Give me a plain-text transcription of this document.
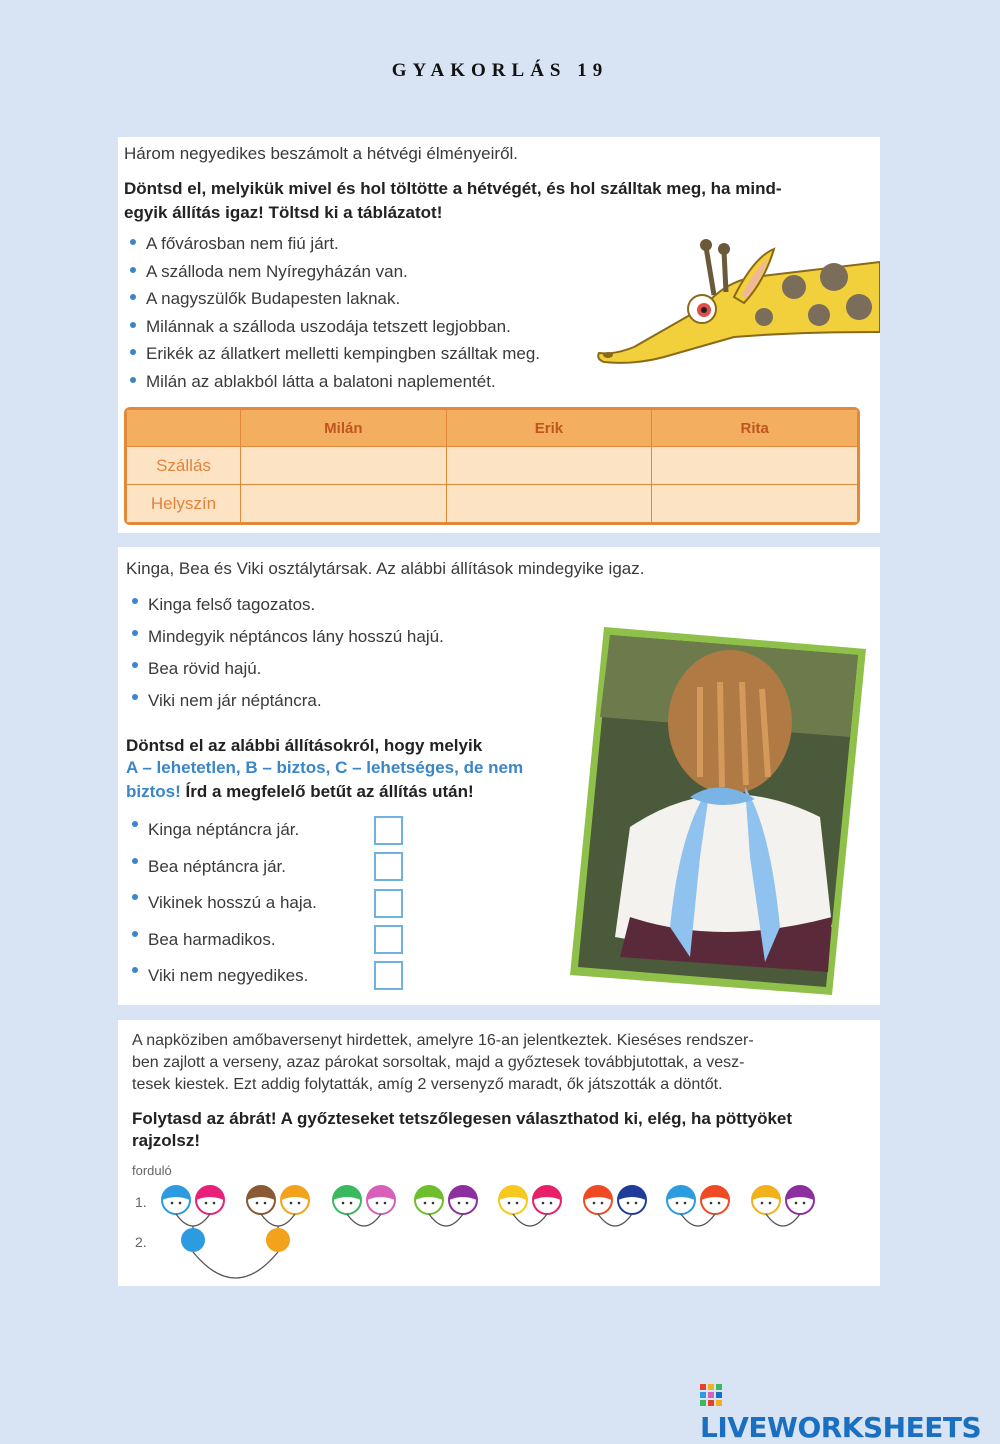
GYAKORLÁS 19
Három negyedikes beszámolt a hétvégi élményeiről.
Döntsd el, melyikük mivel és hol töltötte a hétvégét, és hol szálltak meg, ha mind-
egyik állítás igaz! Töltsd ki a táblázatot!
A fővárosban nem fiú járt.
A szálloda nem Nyíregyházán van.
A nagyszülők Budapesten laknak.
Milánnak a szálloda uszodája tetszett legjobban.
Erikék az állatkert melletti kempingben szálltak meg.
Milán az ablakból látta a balatoni naplementét.
	Milán	Erik	Rita
Szállás			
Helyszín			
Kinga, Bea és Viki osztálytársak. Az alábbi állítások mindegyike igaz.
Kinga felső tagozatos.
Mindegyik néptáncos lány hosszú hajú.
Bea rövid hajú.
Viki nem jár néptáncra.
Döntsd el az alábbi állításokról, hogy melyik
A – lehetetlen, B – biztos, C – lehetséges, de nem
biztos! Írd a megfelelő betűt az állítás után!
Kinga néptáncra jár.
Bea néptáncra jár.
Vikinek hosszú a haja.
Bea harmadikos.
Viki nem negyedikes.
A napköziben amőbaversenyt hirdettek, amelyre 16-an jelentkeztek. Kieséses rendszer-
ben zajlott a verseny, azaz párokat sorsoltak, majd a győztesek továbbjutottak, a vesz-
tesek kiestek. Ezt addig folytatták, amíg 2 versenyző maradt, ők játszották a döntőt.
Folytasd az ábrát! A győzteseket tetszőlegesen választhatod ki, elég, ha pöttyöket
rajzolsz!
forduló
1.
2.
LIVEWORKSHEETS
